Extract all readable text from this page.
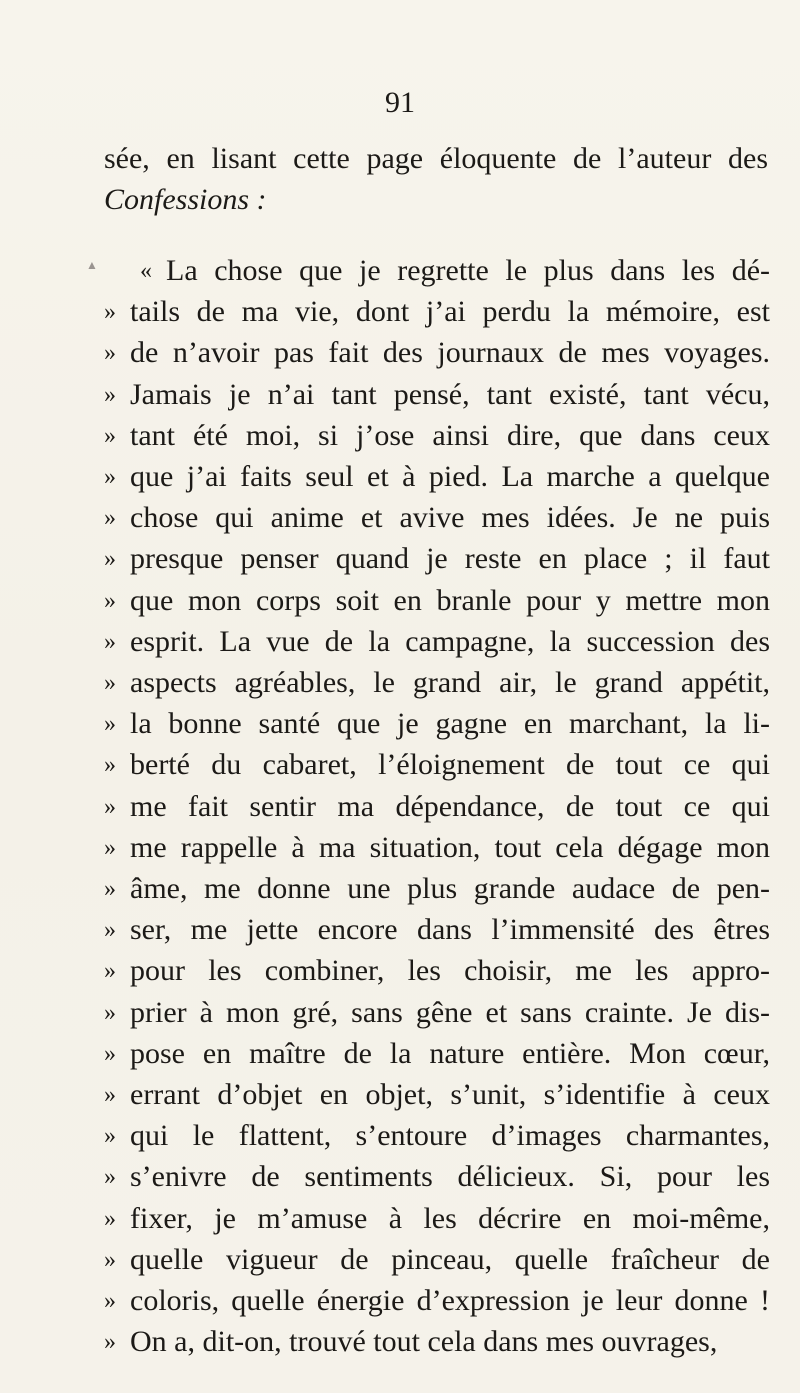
91
sée, en lisant cette page éloquente de l’auteur des
Confessions :
▲ « La chose que je regrette le plus dans les dé-
» tails de ma vie, dont j’ai perdu la mémoire, est
» de n’avoir pas fait des journaux de mes voyages.
» Jamais je n’ai tant pensé, tant existé, tant vécu,
» tant été moi, si j’ose ainsi dire, que dans ceux
» que j’ai faits seul et à pied. La marche a quelque
» chose qui anime et avive mes idées. Je ne puis
» presque penser quand je reste en place ; il faut
» que mon corps soit en branle pour y mettre mon
» esprit. La vue de la campagne, la succession des
» aspects agréables, le grand air, le grand appétit,
» la bonne santé que je gagne en marchant, la li-
» berté du cabaret, l’éloignement de tout ce qui
» me fait sentir ma dépendance, de tout ce qui
» me rappelle à ma situation, tout cela dégage mon
» âme, me donne une plus grande audace de pen-
» ser, me jette encore dans l’immensité des êtres
» pour les combiner, les choisir, me les appro-
» prier à mon gré, sans gêne et sans crainte. Je dis-
» pose en maître de la nature entière. Mon cœur,
» errant d’objet en objet, s’unit, s’identifie à ceux
» qui le flattent, s’entoure d’images charmantes,
» s’enivre de sentiments délicieux. Si, pour les
» fixer, je m’amuse à les décrire en moi-même,
» quelle vigueur de pinceau, quelle fraîcheur de
» coloris, quelle énergie d’expression je leur donne !
» On a, dit-on, trouvé tout cela dans mes ouvrages,
